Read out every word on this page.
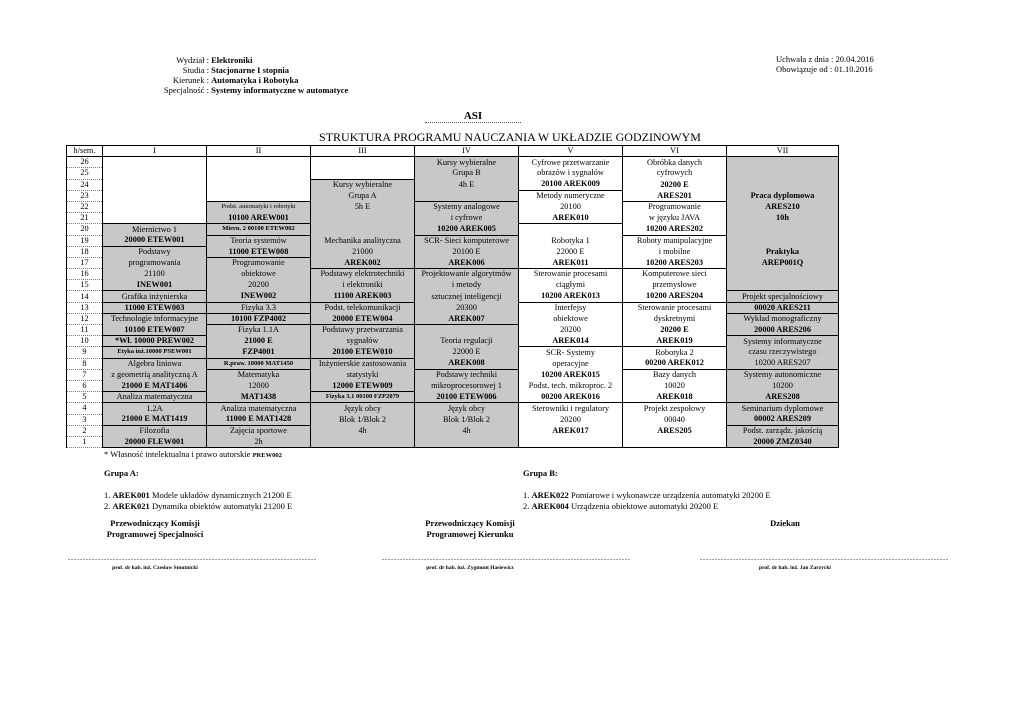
Wydział : Elektroniki
Studia : Stacjonarne I stopnia
Kierunek : Automatyka i Robotyka
Specjalność : Systemy informatyczne w automatyce
Uchwała z dnia : 20.04.2016
Obowiązuje od : 01.10.2016
ASI
STRUKTURA PROGRAMU NAUCZANIA W UKŁADZIE GODZINOWYM
h/sem.	I	II	III	IV	V	VI	VII
26				Kursy wybieralne	Cyfrowe przetwarzanie	Obróbka danych	
25				Grupa B	obrazów i sygnałów	cyfrowych	
24			Kursy wybieralne	4h E	20100 AREK009	20200 E	
23			Grupa A		Metody numeryczne	ARES201	Praca dyplomowa
22		Podst. automatyki i robotyki	5h E	Systemy analogowe	20100	Programowanie	ARES210
21		10100 AREW001		i cyfrowe	AREK010	w języku JAVA	10h
20	Miernictwo 1	Miern. 2 00100 ETEW002		10200 AREK005		10200 ARES202	
19	20000 ETEW001	Teoria systemów	Mechanika analityczna	SCR- Sieci komputerowe	Robotyka 1	Roboty manipulacyjne	
18	Podstawy	11000 ETEW008	21000	20100 E	22000 E	i mobilne	Praktyka
17	programowania	Programowanie	AREK002	AREK006	AREK011	10200 ARES203	AREP001Q
16	21100	obiektowe	Podstawy elektrotechniki	Projektowanie algorytmów	Sterowanie procesami	Komputerowe sieci	
15	INEW001	20200	i elektroniki	i metody	ciągłymi	przemysłowe	
14	Grafika inżynierska	INEW002	11100 AREK003	sztucznej inteligencji	10200 AREK013	10200 ARES204	Projekt specjalnościowy
13	11000 ETEW003	Fizyka 3.3	Podst. telekomunikacji	20300	Interfejsy	Sterowanie procesami	00020 ARES211
12	Technologie informacyjne	10100 FZP4002	20000 ETEW004	AREK007	obiektowe	dyskretnymi	Wykład monograficzny
11	10100 ETEW007	Fizyka 1.1A	Podstawy przetwarzania		20200	20200 E	20000 ARES206
10	*Wł. 10000 PREW002	21000 E	sygnałów	Teoria regulacji	AREK014	AREK019	Systemy informatyczne
9	Etyka inż.10000 PSEW001	FZP4001	20100 ETEW010	22000 E	SCR- Systemy	Robotyka 2	czasu rzeczywistego
8	Algebra liniowa	R.praw. 10000 MAT1450	Inżynierskie zastosowania	AREK008	operacyjne	00200 AREK012	10200 ARES207
7	z geometrią analityczną A	Matematyka	statystyki	Podstawy techniki	10200 AREK015	Bazy danych	Systemy autonomiczne
6	21000 E MAT1406	12000	12000 ETEW009	mikroprocesorowej 1	Podst. tech. mikroproc. 2	10020	10200
5	Analiza matematyczna	MAT1438	Fizyka 3.1 00100 FZP2079	20100 ETEW006	00200 AREK016	AREK018	ARES208
4	1.2A	Analiza matematyczna	Język obcy	Język obcy	Sterowniki i regulatory	Projekt zespołowy	Seminarium dyplomowe
3	21000 E MAT1419	11000 E MAT1428	Blok 1/Blok 2	Blok 1/Blok 2	20200	00040	00002 ARES209
2	Filozofia	Zajęcia sportowe	4h	4h	AREK017	ARES205	Podst. zarządz. jakością
1	20000 FLEW001	2h					20000 ZMZ0340
* Własność intelektualna i prawo autorskie PREW002
Grupa A:
1. AREK001 Modele układów dynamicznych 21200 E
2. AREK021 Dynamika obiektów automatyki 21200 E
Grupa B:
1. AREK022 Pomiarowe i wykonawcze urządzenia automatyki 20200 E
2. AREK004 Urządzenia obiektowe automatyki 20200 E
Przewodniczący Komisji
Programowej Specjalności
Przewodniczący Komisji
Programowej Kierunku
Dziekan
...................................................................................	...................................................................................	...................................................................................
prof. dr hab. inż. Czesław Smutnicki	prof. dr hab. inż. Zygmunt Hasiewicz	prof. dr hab. inż. Jan Zarzycki
